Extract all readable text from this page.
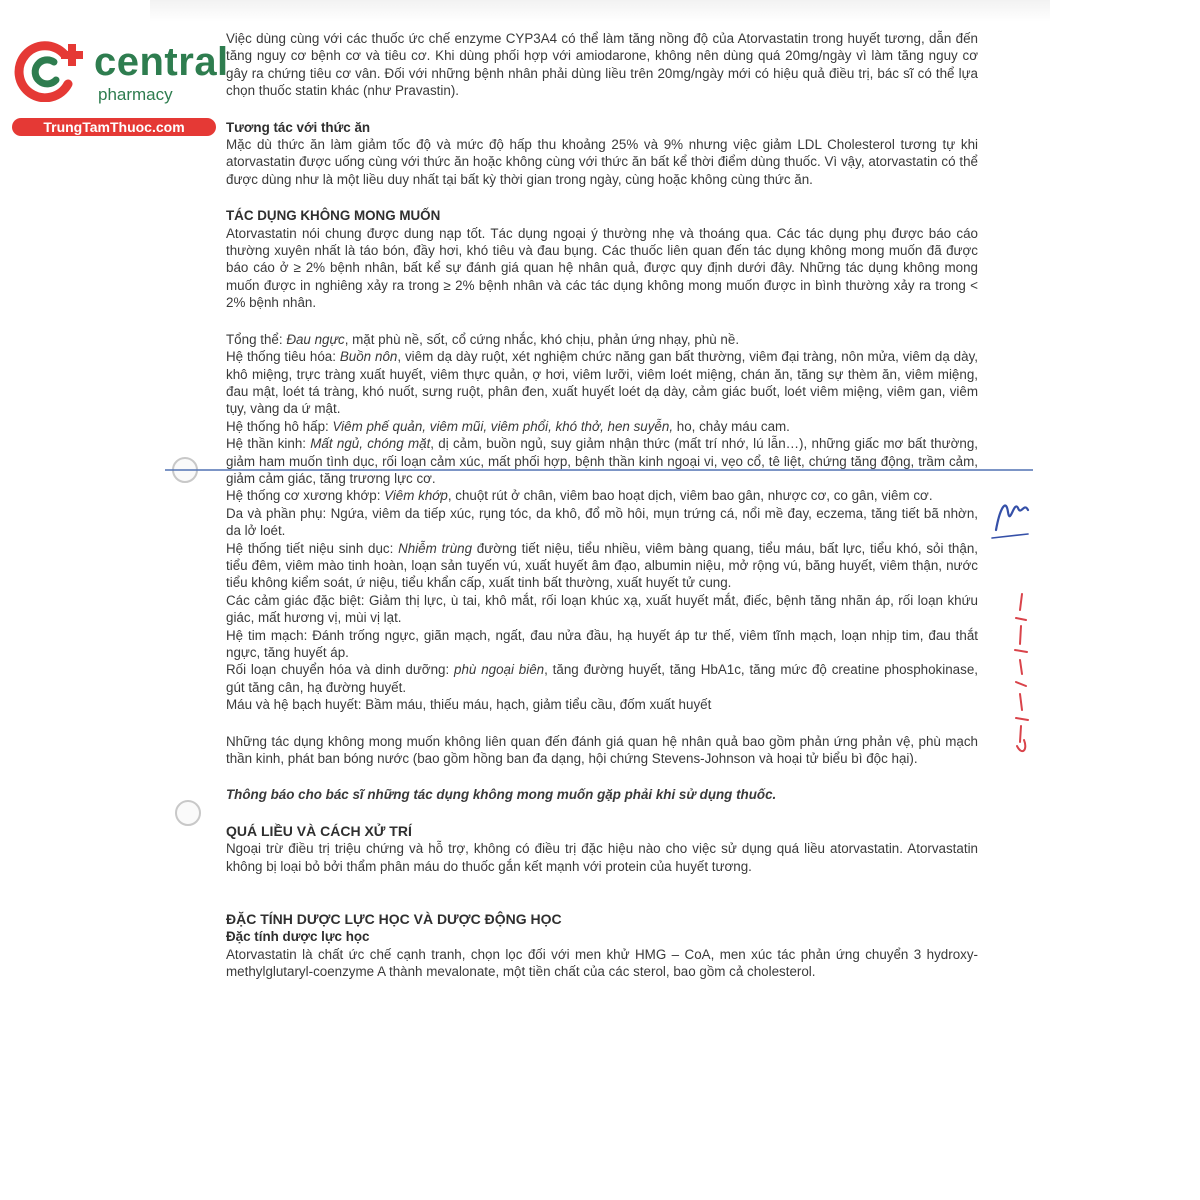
central
pharmacy
TrungTamThuoc.com

Việc dùng cùng với các thuốc ức chế enzyme CYP3A4 có thể làm tăng nồng độ của Atorvastatin trong huyết tương, dẫn đến tăng nguy cơ bệnh cơ và tiêu cơ. Khi dùng phối hợp với amiodarone, không nên dùng quá 20mg/ngày vì làm tăng nguy cơ gây ra chứng tiêu cơ vân. Đối với những bệnh nhân phải dùng liều trên 20mg/ngày mới có hiệu quả điều trị, bác sĩ có thể lựa chọn thuốc statin khác (như Pravastin).

Tương tác với thức ăn

Mặc dù thức ăn làm giảm tốc độ và mức độ hấp thu khoảng 25% và 9% nhưng việc giảm LDL Cholesterol tương tự khi atorvastatin được uống cùng với thức ăn hoặc không cùng với thức ăn bất kể thời điểm dùng thuốc. Vì vậy, atorvastatin có thể được dùng như là một liều duy nhất tại bất kỳ thời gian trong ngày, cùng hoặc không cùng thức ăn.

TÁC DỤNG KHÔNG MONG MUỐN

Atorvastatin nói chung được dung nạp tốt. Tác dụng ngoại ý thường nhẹ và thoáng qua. Các tác dụng phụ được báo cáo thường xuyên nhất là táo bón, đầy hơi, khó tiêu và đau bụng. Các thuốc liên quan đến tác dụng không mong muốn đã được báo cáo ở ≥ 2% bệnh nhân, bất kể sự đánh giá quan hệ nhân quả, được quy định dưới đây. Những tác dụng không mong muốn được in nghiêng xảy ra trong ≥ 2% bệnh nhân và các tác dụng không mong muốn được in bình thường xảy ra trong < 2% bệnh nhân.

Tổng thể: Đau ngực, mặt phù nề, sốt, cổ cứng nhắc, khó chịu, phản ứng nhạy, phù nề.

Hệ thống tiêu hóa: Buồn nôn, viêm dạ dày ruột, xét nghiệm chức năng gan bất thường, viêm đại tràng, nôn mửa, viêm dạ dày, khô miệng, trực tràng xuất huyết, viêm thực quản, ợ hơi, viêm lưỡi, viêm loét miệng, chán ăn, tăng sự thèm ăn, viêm miệng, đau mật, loét tá tràng, khó nuốt, sưng ruột, phân đen, xuất huyết loét dạ dày, cảm giác buốt, loét viêm miệng, viêm gan, viêm tụy, vàng da ứ mật.

Hệ thống hô hấp: Viêm phế quản, viêm mũi, viêm phổi, khó thở, hen suyễn, ho, chảy máu cam.

Hệ thần kinh: Mất ngủ, chóng mặt, dị cảm, buồn ngủ, suy giảm nhận thức (mất trí nhớ, lú lẫn…), những giấc mơ bất thường, giảm ham muốn tình dục, rối loạn cảm xúc, mất phối hợp, bệnh thần kinh ngoại vi, vẹo cổ, tê liệt, chứng tăng động, trầm cảm, giảm cảm giác, tăng trương lực cơ.

Hệ thống cơ xương khớp: Viêm khớp, chuột rút ở chân, viêm bao hoạt dịch, viêm bao gân, nhược cơ, co gân, viêm cơ.

Da và phần phụ: Ngứa, viêm da tiếp xúc, rụng tóc, da khô, đổ mồ hôi, mụn trứng cá, nổi mề đay, eczema, tăng tiết bã nhờn, da lở loét.

Hệ thống tiết niệu sinh dục: Nhiễm trùng đường tiết niệu, tiểu nhiều, viêm bàng quang, tiểu máu, bất lực, tiểu khó, sỏi thận, tiểu đêm, viêm mào tinh hoàn, loạn sản tuyến vú, xuất huyết âm đạo, albumin niệu, mở rộng vú, băng huyết, viêm thận, nước tiểu không kiểm soát, ứ niệu, tiểu khẩn cấp, xuất tinh bất thường, xuất huyết tử cung.

Các cảm giác đặc biệt: Giảm thị lực, ù tai, khô mắt, rối loạn khúc xạ, xuất huyết mắt, điếc, bệnh tăng nhãn áp, rối loạn khứu giác, mất hương vị, mùi vị lạt.

Hệ tim mạch: Đánh trống ngực, giãn mạch, ngất, đau nửa đầu, hạ huyết áp tư thế, viêm tĩnh mạch, loạn nhịp tim, đau thắt ngực, tăng huyết áp.

Rối loạn chuyển hóa và dinh dưỡng: phù ngoại biên, tăng đường huyết, tăng HbA1c, tăng mức độ creatine phosphokinase, gút tăng cân, hạ đường huyết.

Máu và hệ bạch huyết: Bầm máu, thiếu máu, hạch, giảm tiểu cầu, đốm xuất huyết

Những tác dụng không mong muốn không liên quan đến đánh giá quan hệ nhân quả bao gồm phản ứng phản vệ, phù mạch thần kinh, phát ban bóng nước (bao gồm hồng ban đa dạng, hội chứng Stevens-Johnson và hoại tử biểu bì độc hại).

Thông báo cho bác sĩ những tác dụng không mong muốn gặp phải khi sử dụng thuốc.

QUÁ LIỀU VÀ CÁCH XỬ TRÍ

Ngoại trừ điều trị triệu chứng và hỗ trợ, không có điều trị đặc hiệu nào cho việc sử dụng quá liều atorvastatin. Atorvastatin không bị loại bỏ bởi thẩm phân máu do thuốc gắn kết mạnh với protein của huyết tương.

ĐẶC TÍNH DƯỢC LỰC HỌC VÀ DƯỢC ĐỘNG HỌC

Đặc tính dược lực học

Atorvastatin là chất ức chế cạnh tranh, chọn lọc đối với men khử HMG – CoA, men xúc tác phản ứng chuyển 3 hydroxy-methylglutaryl-coenzyme A thành mevalonate, một tiền chất của các sterol, bao gồm cả cholesterol.
